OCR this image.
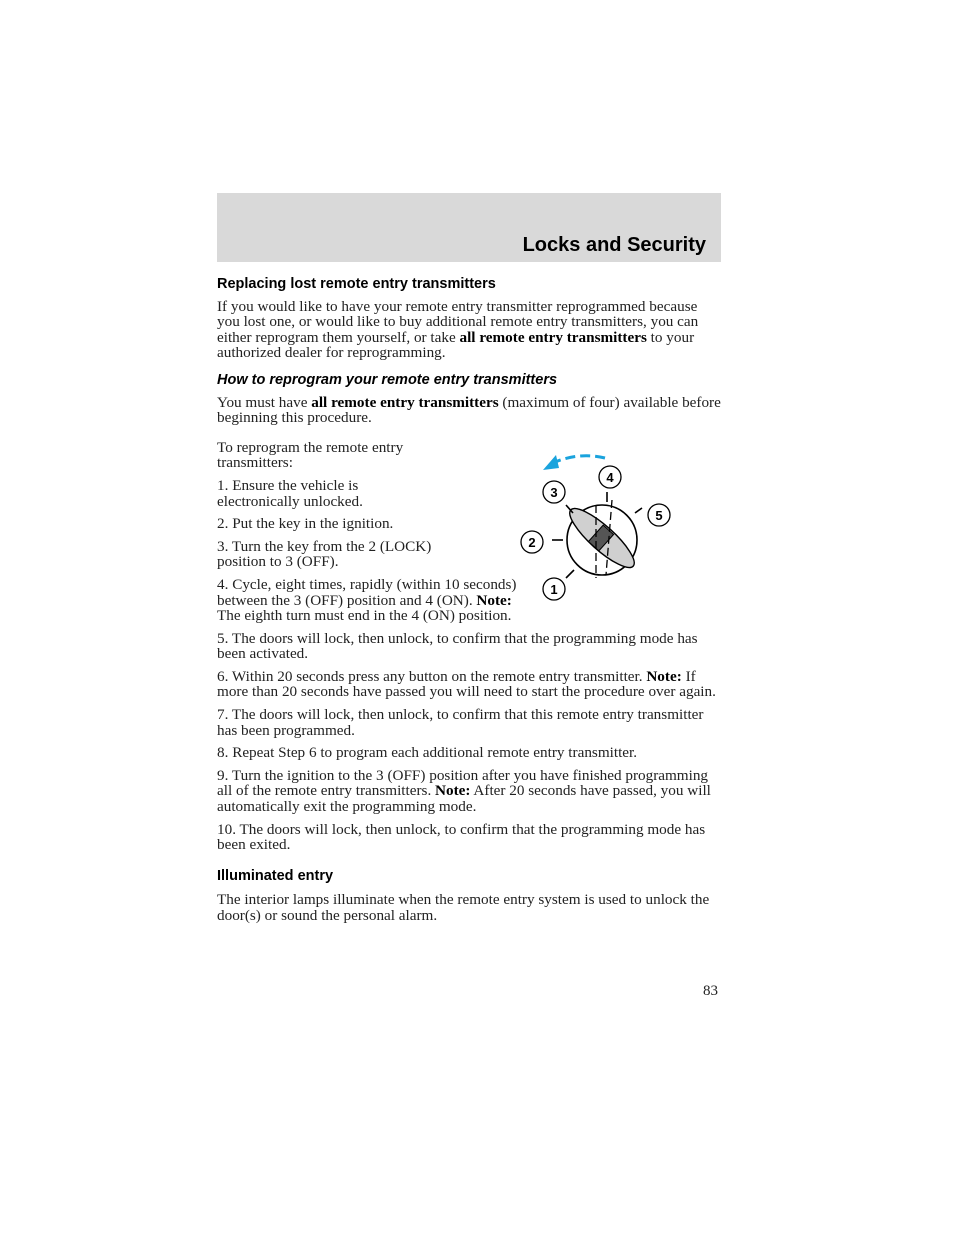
Locks and Security
Replacing lost remote entry transmitters

If you would like to have your remote entry transmitter reprogrammed because you lost one, or would like to buy additional remote entry transmitters, you can either reprogram them yourself, or take all remote entry transmitters to your authorized dealer for reprogramming.

How to reprogram your remote entry transmitters

You must have all remote entry transmitters (maximum of four) available before beginning this procedure.

To reprogram the remote entry transmitters:

1. Ensure the vehicle is electronically unlocked.

2. Put the key in the ignition.

3. Turn the key from the 2 (LOCK) position to 3 (OFF).

4. Cycle, eight times, rapidly (within 10 seconds) between the 3 (OFF) position and 4 (ON). Note: The eighth turn must end in the 4 (ON) position.

5. The doors will lock, then unlock, to confirm that the programming mode has been activated.

6. Within 20 seconds press any button on the remote entry transmitter. Note: If more than 20 seconds have passed you will need to start the procedure over again.

7. The doors will lock, then unlock, to confirm that this remote entry transmitter has been programmed.

8. Repeat Step 6 to program each additional remote entry transmitter.

9. Turn the ignition to the 3 (OFF) position after you have finished programming all of the remote entry transmitters. Note: After 20 seconds have passed, you will automatically exit the programming mode.

10. The doors will lock, then unlock, to confirm that the programming mode has been exited.

Illuminated entry

The interior lamps illuminate when the remote entry system is used to unlock the door(s) or sound the personal alarm.

1
2
3
4
5
83
